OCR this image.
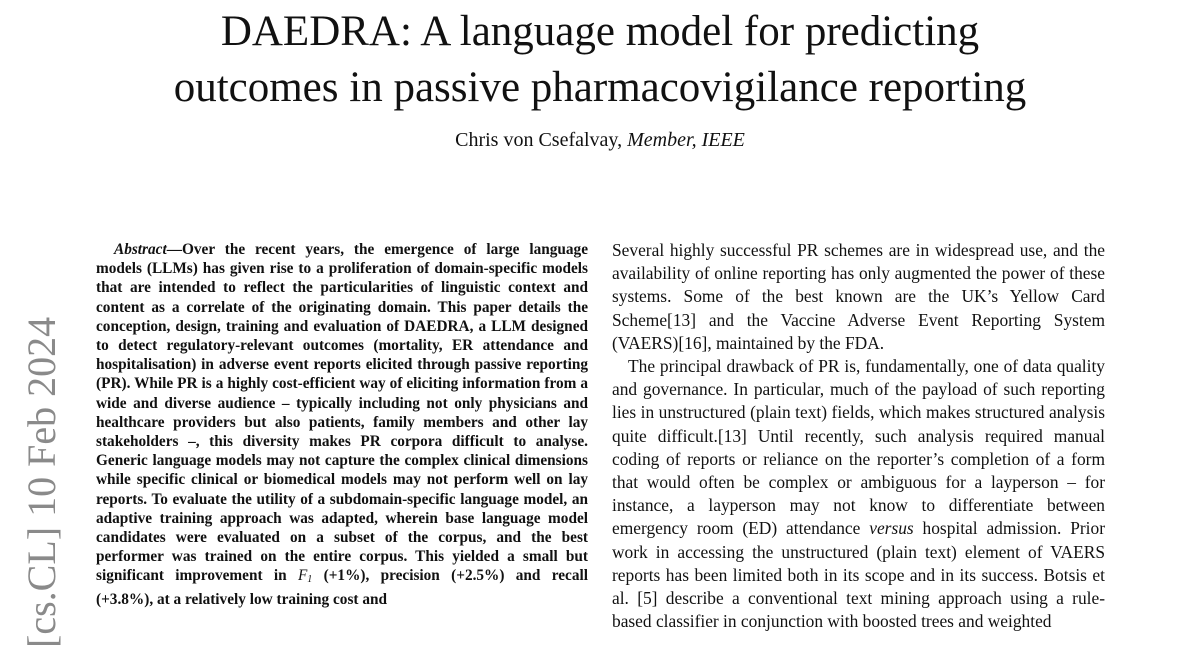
DAEDRA: A language model for predicting
outcomes in passive pharmacovigilance reporting
Chris von Csefalvay, Member, IEEE
[cs.CL] 10 Feb 2024
Abstract—Over the recent years, the emergence of large language models (LLMs) has given rise to a proliferation of domain-specific models that are intended to reflect the particularities of linguistic context and content as a correlate of the originating domain. This paper details the conception, design, training and evaluation of DAEDRA, a LLM designed to detect regulatory-relevant outcomes (mortality, ER attendance and hospitalisation) in adverse event reports elicited through passive reporting (PR). While PR is a highly cost-efficient way of eliciting information from a wide and diverse audience – typically including not only physicians and healthcare providers but also patients, family members and other lay stakeholders –, this diversity makes PR corpora difficult to analyse. Generic language models may not capture the complex clinical dimensions while specific clinical or biomedical models may not perform well on lay reports. To evaluate the utility of a subdomain-specific language model, an adaptive training approach was adapted, wherein base language model candidates were evaluated on a subset of the corpus, and the best performer was trained on the entire corpus. This yielded a small but significant improvement in $F_1$ (+1%), precision (+2.5%) and recall (+3.8%), at a relatively low training cost and

Several highly successful PR schemes are in widespread use, and the availability of online reporting has only augmented the power of these systems. Some of the best known are the UK’s Yellow Card Scheme[13] and the Vaccine Adverse Event Reporting System (VAERS)[16], maintained by the FDA.

The principal drawback of PR is, fundamentally, one of data quality and governance. In particular, much of the payload of such reporting lies in unstructured (plain text) fields, which makes structured analysis quite difficult.[13] Until recently, such analysis required manual coding of reports or reliance on the reporter’s completion of a form that would often be complex or ambiguous for a layperson – for instance, a layperson may not know to differentiate between emergency room (ED) attendance versus hospital admission. Prior work in accessing the unstructured (plain text) element of VAERS reports has been limited both in its scope and in its success. Botsis et al. [5] describe a conventional text mining approach using a rule-based classifier in conjunction with boosted trees and weighted
